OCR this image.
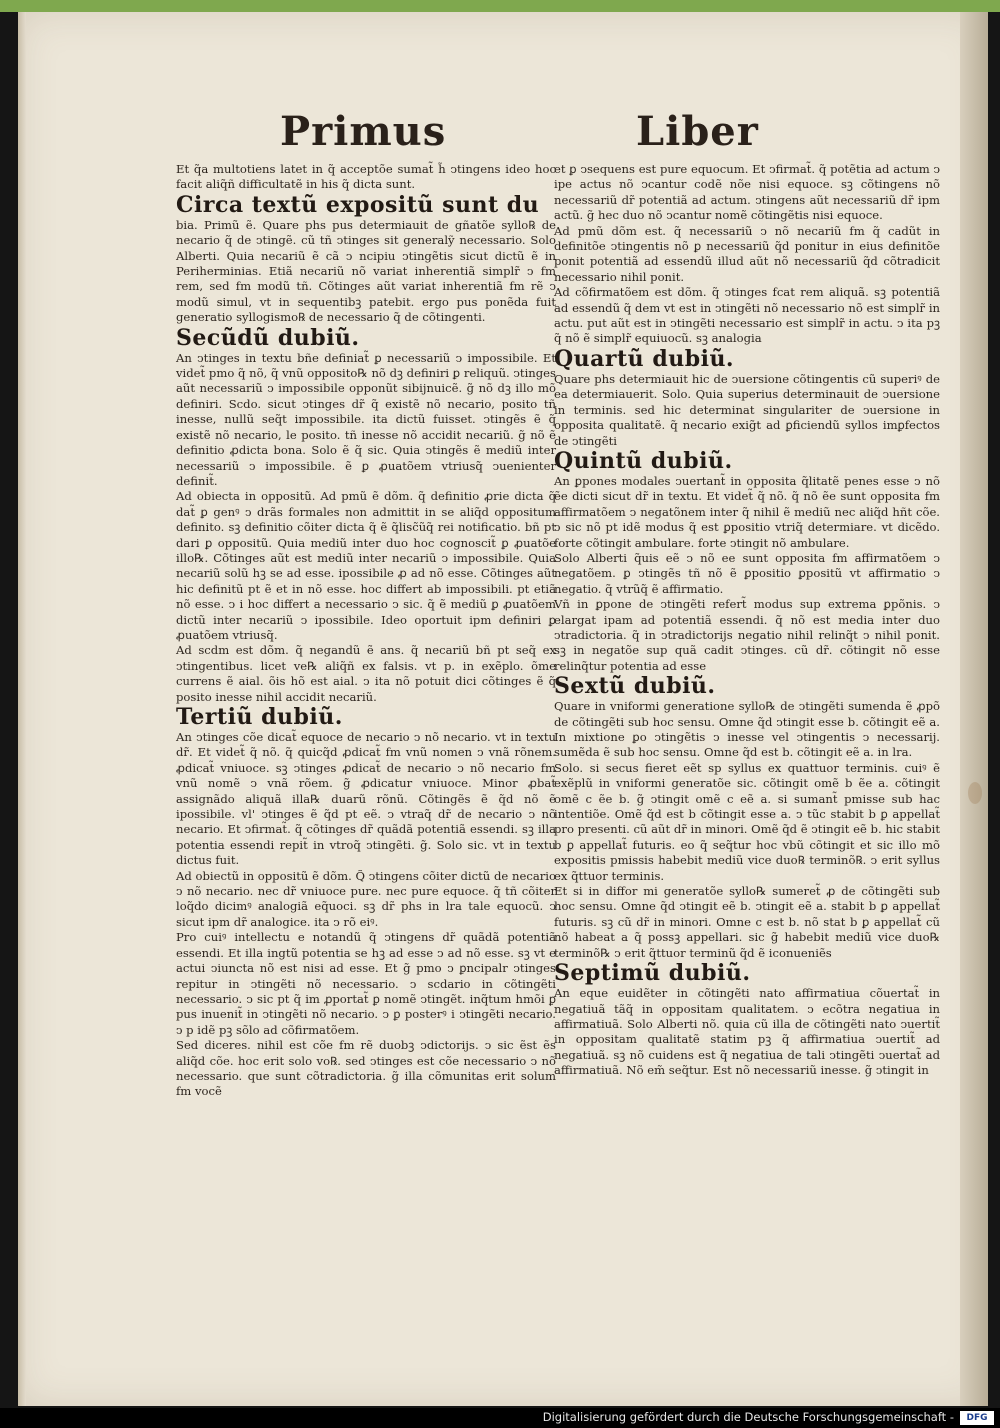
Primus	Liber

Et q̃a multotiens latet in q̃ acceptõe sumat̃ h̃ ↄtingens ideo hoc facit aliq̃ñ difficultatẽ in his q̃ dicta sunt.

Circa textũ expositũ sunt du

bia. Primũ ẽ. Quare phs pus determiauit de gñatõe syllo℞ de necario q̃ de ↄtingẽ. cũ tñ ↄtinges sit generalỹ necessario. Solo Alberti. Quia necariũ ẽ cã ↄ ncipiu ↄtingẽtis sicut dictũ ẽ in Periherminias. Etiã necariũ nõ variat inherentiã simplr̃ ↄ fm rem, sed fm modũ tñ. Cõtinges aũt variat inherentiã fm rẽ ↄ modũ simul, vt in sequentibꝫ patebit. ergo pus ponẽda fuit generatio syllogismo℞ de necessario q̃ de cõtingenti.

Secũdũ dubiũ.

An ↄtinges in textu bñe definiat̃ ꝑ necessariũ ↄ impossibile. Et videt̃ pmo q̃ nõ, q̃ vnũ opposito℞ nõ dꝫ definiri ꝑ reliquũ. ↄtinges aũt necessariũ ↄ impossibile opponũt sibijnuicẽ. g̃ nõ dꝫ illo mõ definiri. Scdo. sicut ↄtinges dr̃ q̃ existẽ nõ necario, posito tñ inesse, nullũ seq̃t impossibile. ita dictũ fuisset. ↄtingẽs ẽ q̃ existẽ nõ necario, le posito. tñ inesse nõ accidit necariũ. g̃ nõ ẽ definitio ꝓdicta bona. Solo ẽ q̃ sic. Quia ↄtingẽs ẽ mediũ inter necessariũ ↄ impossibile. ẽ ꝑ ꝓuatõem vtriusq̃ ↄuenienter definit̃.

Ad obiecta in oppositũ. Ad pmũ ẽ dõm. q̃ definitio ꝓrie dicta q̃ dat̃ ꝑ genꝰ ↄ drãs formales non admittit in se aliq̃d oppositum definito. sꝫ definitio cõiter dicta q̃ ẽ q̃lisc̃ũq̃ rei notificatio. bñ pt dari ꝑ oppositũ. Quia mediũ inter duo hoc cognoscit̃ ꝑ ꝓuatõe illo℞. Cõtinges aũt est mediũ inter necariũ ↄ impossibile. Quia necariũ solũ hꝫ se ad esse. ipossibile ꝓ ad nõ esse. Cõtinges aũt hic definitũ pt ẽ et in nõ esse. hoc differt ab impossibili. pt etiã nõ esse. ↄ i hoc differt a necessario ↄ sic. q̃ ẽ mediũ ꝑ ꝓuatõem dictũ inter necariũ ↄ ipossibile. Ideo oportuit ipm definiri ꝑ ꝓuatõem vtriusq̃.

Ad scdm est dõm. q̃ negandũ ẽ ans. q̃ necariũ bñ pt seq̃ ex ↄtingentibus. licet ve℞ aliq̃ñ ex falsis. vt p. in exẽplo. õme currens ẽ aial. õis hõ est aial. ↄ ita nõ potuit dici cõtinges ẽ q̃ posito inesse nihil accidit necariũ.

Tertiũ dubiũ.

An ↄtinges cõe dicat̃ equoce de necario ↄ nõ necario. vt in textu dr̃. Et videt̃ q̃ nõ. q̃ quicq̃d ꝓdicat̃ fm vnũ nomen ↄ vnã rõnem. ꝓdicat̃ vniuoce. sꝫ ↄtinges ꝓdicat̃ de necario ↄ nõ necario fm vnũ nomẽ ↄ vnã rõem. g̃ ꝓdicatur vniuoce. Minor ꝓbat̃ assignãdo aliquã illa℞ duarũ rõnũ. Cõtingẽs ẽ q̃d nõ ẽ ipossibile. vl' ↄtinges ẽ q̃d pt eẽ. ↄ vtraq̃ dr̃ de necario ↄ nõ necario. Et ↄfirmat̃. q̃ cõtinges dr̃ quãdã potentiã essendi. sꝫ illa potentia essendi repit̃ in vtroq̃ ↄtingẽti. g̃. Solo sic. vt in textu dictus fuit.

Ad obiectũ in oppositũ ẽ dõm. Q̃ ↄtingens cõiter dictũ de necario ↄ nõ necario. nec dr̃ vniuoce pure. nec pure equoce. q̃ tñ cõiter loq̃do dicimꝰ analogiã eq̃uoci. sꝫ dr̃ phs in lra tale equocũ. ↄ sicut ipm dr̃ analogice. ita ↄ rõ eiꝰ.

Pro cuiꝰ intellectu e notandũ q̃ ↄtingens dr̃ quãdã potentiã essendi. Et illa ingtũ potentia se hꝫ ad esse ↄ ad nõ esse. sꝫ vt e actui ↄiuncta nõ est nisi ad esse. Et g̃ pmo ↄ ꝑncipalr ↄtinges repitur in ↄtingẽti nõ necessario. ↄ scdario in cõtingẽti necessario. ↄ sic pt q̃ im ꝓportat̃ ꝑ nomẽ ↄtingẽt. inq̃tum hmõi ꝑ pus inuenit̃ in ↄtingẽti nõ necario. ↄ ꝑ posterꝰ i ↄtingẽti necario. ↄ p idẽ pꝫ sõlo ad cõfirmatõem.

Sed diceres. nihil est cõe fm rẽ duobꝫ ↄdictorijs. ↄ sic ẽst ẽs aliq̃d cõe. hoc erit solo vo℞. sed ↄtinges est cõe necessario ↄ nõ necessario. que sunt cõtradictoria. g̃ illa cõmunitas erit solum fm vocẽ

et ꝑ ↄsequens est pure equocum. Et ↄfirmat̃. q̃ potẽtia ad actum ↄ ipe actus nõ ↄcantur codẽ nõe nisi equoce. sꝫ cõtingens nõ necessariũ dr̃ potentiã ad actum. ↄtingens aũt necessariũ dr̃ ipm actũ. g̃ hec duo nõ ↄcantur nomẽ cõtingẽtis nisi equoce.

Ad pmũ dõm est. q̃ necessariũ ↄ nõ necariũ fm q̃ cadũt in definitõe ↄtingentis nõ ꝑ necessariũ q̃d ponitur in eius definitõe ponit potentiã ad essendũ illud aũt nõ necessariũ q̃d cõtradicit necessario nihil ponit.

Ad cõfirmatõem est dõm. q̃ ↄtinges fcat rem aliquã. sꝫ potentiã ad essendũ q̃ dem vt est in ↄtingẽti nõ necessario nõ est simplr̃ in actu. put aũt est in ↄtingẽti necessario est simplr̃ in actu. ↄ ita pꝫ q̃ nõ ẽ simplr̃ equiuocũ. sꝫ analogia

Quartũ dubiũ.

Quare phs determiauit hic de ↄuersione cõtingentis cũ superiꝰ de ea determiauerit. Solo. Quia superius determinauit de ↄuersione in terminis. sed hic determinat singulariter de ↄuersione in opposita qualitatẽ. q̃ necario exig̃t ad ꝑficiendũ syllos imꝑfectos de ↄtingẽti

Quintũ dubiũ.

An ꝑpones modales ↄuertant̃ in opposita q̃litatẽ penes esse ↄ nõ ẽe dicti sicut dr̃ in textu. Et videt̃ q̃ nõ. q̃ nõ ẽe sunt opposita fm affirmatõem ↄ negatõnem inter q̃ nihil ẽ mediũ nec aliq̃d hñt cõe. ↄ sic nõ pt idẽ modus q̃ est ꝑpositio vtriq̃ determiare. vt dicẽdo. forte cõtingit ambulare. forte ↄtingit nõ ambulare.

Solo Alberti q̃uis eẽ ↄ nõ ee sunt opposita fm affirmatõem ↄ negatõem. ꝑ ↄtingẽs tñ nõ ẽ ꝑpositio ꝑpositũ vt affirmatio ↄ negatio. q̃ vtrũq̃ ẽ affirmatio.

Vñ in ꝑpone de ↄtingẽti refert̃ modus sup extrema ꝑpõnis. ↄ elargat ipam ad potentiã essendi. q̃ nõ est media inter duo ↄtradictoria. q̃ in ↄtradictorijs negatio nihil relinq̃t ↄ nihil ponit. sꝫ in negatõe sup quã cadit ↄtinges. cũ dr̃. cõtingit nõ esse relinq̃tur potentia ad esse

Sextũ dubiũ.

Quare in vniformi generatione syllo℞ de ↄtingẽti sumenda ẽ ꝓpõ de cõtingẽti sub hoc sensu. Omne q̃d ↄtingit esse b. cõtingit eẽ a. In mixtione ꝑo ↄtingẽtis ↄ inesse vel ↄtingentis ↄ necessarij. sumẽda ẽ sub hoc sensu. Omne q̃d est b. cõtingit eẽ a. in lra.

Solo. si secus fieret eẽt sp syllus ex quattuor terminis. cuiꝰ ẽ exẽplũ in vniformi generatõe sic. cõtingit omẽ b ẽe a. cõtingit omẽ c ẽe b. g̃ ↄtingit omẽ c eẽ a. si sumant̃ pmisse sub hac intentiõe. Omẽ q̃d est b cõtingit esse a. ↄ tũc stabit b ꝑ appellat̃ pro presenti. cũ aũt dr̃ in minori. Omẽ q̃d ẽ ↄtingit eẽ b. hic stabit b ꝑ appellat̃ futuris. eo q̃ seq̃tur hoc vbũ cõtingit et sic illo mõ expositis pmissis habebit mediũ vice duo℞ terminõ℞. ↄ erit syllus ex q̃ttuor terminis.

Et si in diffor mi generatõe syllo℞ sumeret̃ ꝓ de cõtingẽti sub hoc sensu. Omne q̃d ↄtingit eẽ b. ↄtingit eẽ a. stabit b ꝑ appellat̃ futuris. sꝫ cũ dr̃ in minori. Omne c est b. nõ stat b ꝑ appellat̃ cũ nõ habeat a q̃ possꝫ appellari. sic g̃ habebit mediũ vice duo℞ terminõ℞ ↄ erit q̃ttuor terminũ q̃d ẽ iconueniẽs

Septimũ dubiũ.

An eque euidẽter in cõtingẽti nato affirmatiua cõuertat̃ in negatiuã tãq̃ in oppositam qualitatem. ↄ ecõtra negatiua in affirmatiuã. Solo Alberti nõ. quia cũ illa de cõtingẽti nato ↄuertit̃ in oppositam qualitatẽ statim pꝫ q̃ affirmatiua ↄuertit̃ ad negatiuã. sꝫ nõ cuidens est q̃ negatiua de tali ↄtingẽti ↄuertat̃ ad affirmatiuã. Nõ em̃ seq̃tur. Est nõ necessariũ inesse. g̃ ↄtingit in

Digitalisierung gefördert durch die Deutsche Forschungsgemeinschaft -	DFG
